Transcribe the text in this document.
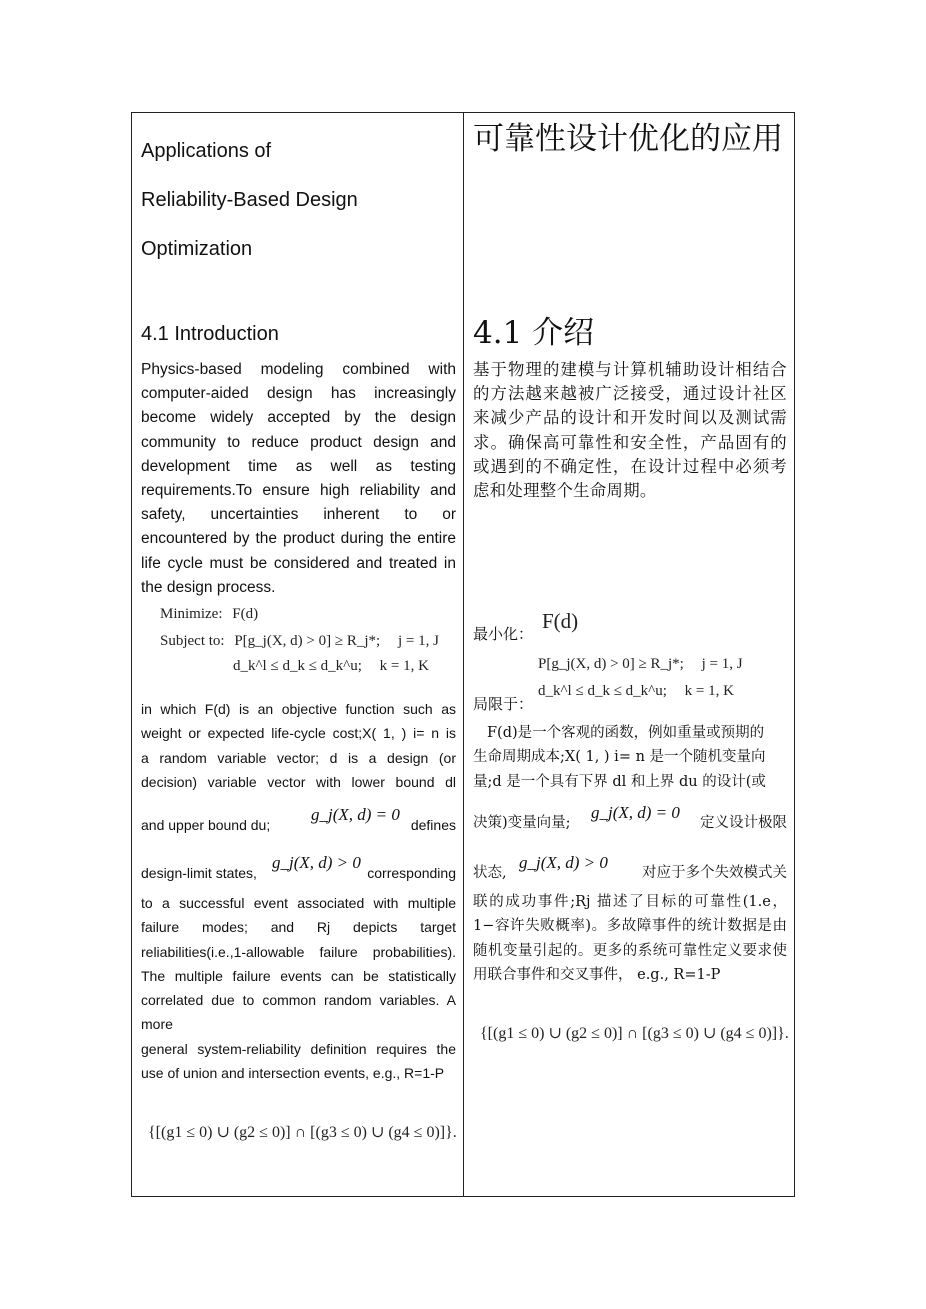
Applications of
Reliability-Based Design
Optimization
4.1 Introduction
Physics-based modeling combined with computer-aided design has increasingly become widely accepted by the design community to reduce product design and development time as well as testing requirements.To ensure high reliability and safety, uncertainties inherent to or encountered by the product during the entire life cycle must be considered and treated in the design process.
Minimize: F(d)
Subject to: P[g_j(X, d) > 0] ≥ R_j*; j = 1, J
d_k^l ≤ d_k ≤ d_k^u; k = 1, K
in which F(d) is an objective function such as
weight or expected life-cycle cost;X( 1, ) i= n is
a random variable vector; d is a design (or
decision) variable vector with lower bound dl
and upper bound du;
g_j(X, d) = 0
defines
design-limit states,
g_j(X, d) > 0
corresponding
to a successful event associated with multiple failure modes; and Rj depicts target reliabilities(i.e.,1-allowable failure probabilities). The multiple failure events can be statistically correlated due to common random variables. A more
general system-reliability definition requires the use of union and intersection events, e.g., R=1-P
{[(g1 ≤ 0) ∪ (g2 ≤ 0)] ∩ [(g3 ≤ 0) ∪ (g4 ≤ 0)]}.
可靠性设计优化的应用
4.1 介绍
基于物理的建模与计算机辅助设计相结合的方法越来越被广泛接受，通过设计社区来减少产品的设计和开发时间以及测试需求。确保高可靠性和安全性，产品固有的或遇到的不确定性，在设计过程中必须考虑和处理整个生命周期。
最小化：
F(d)
P[g_j(X, d) > 0] ≥ R_j*; j = 1, J
局限于：
d_k^l ≤ d_k ≤ d_k^u; k = 1, K
F(d)是一个客观的函数，例如重量或预期的
生命周期成本;X( 1, ) i= n 是一个随机变量向
量;d 是一个具有下界 dl 和上界 du 的设计(或
决策)变量向量;
g_j(X, d) = 0
定义设计极限
状态,
g_j(X, d) > 0
对应于多个失效模式关
联的成功事件;Rj 描述了目标的可靠性(1.e，1−容许失败概率)。多故障事件的统计数据是由随机变量引起的。更多的系统可靠性定义要求使用联合事件和交叉事件， e.g., R=1-P
{[(g1 ≤ 0) ∪ (g2 ≤ 0)] ∩ [(g3 ≤ 0) ∪ (g4 ≤ 0)]}.
